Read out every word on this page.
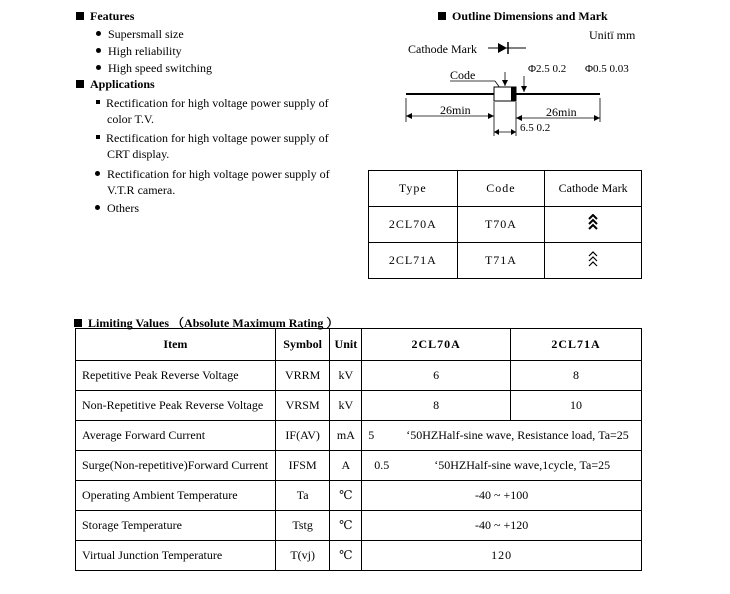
Features
Supersmall size
High reliability
High speed switching
Applications
Rectification for high voltage power supply of
color T.V.
Rectification for high voltage power supply of
CRT display.
Rectification for high voltage power supply of
V.T.R camera.
Others
Outline Dimensions and Mark
Unitï mm
Cathode Mark
Code	Φ2.5 0.2 Φ0.5 0.03
26min	26min
6.5 0.2
Type	Code	Cathode Mark
2CL70A	T70A	
2CL71A	T71A	
Limiting Values （Absolute Maximum Rating ）
Item	Symbol	Unit	2CL70A	2CL71A
Repetitive Peak Reverse Voltage	VRRM	kV	6	8
Non-Repetitive Peak Reverse Voltage	VRSM	kV	8	10
Average Forward Current	IF(AV)	mA	5 ‘50HZHalf-sine wave, Resistance load, Ta=25	
Surge(Non-repetitive)Forward Current	IFSM	A	0.5 ‘50HZHalf-sine wave,1cycle, Ta=25	
Operating Ambient Temperature	Ta	℃	-40 ~ +100	
Storage Temperature	Tstg	℃	-40 ~ +120	
Virtual Junction Temperature	T(vj)	℃	120	
